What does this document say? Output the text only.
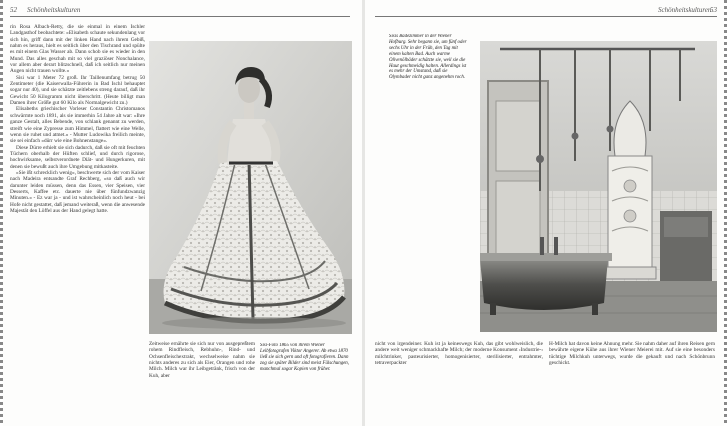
52 Schönheitskulturen

rin Rosa Albach-Retty, die sie einmal in einem Ischler Landgasthof beobachtete: »Elisabeth schaute sekundenlang vor sich hin, griff dann mit der linken Hand nach ihrem Gebiß, nahm es heraus, hielt es seitlich über den Tischrand und spülte es mit einem Glas Wasser ab. Dann schob sie es wieder in den Mund. Das alles geschah mit so viel graziöser Nonchalance, vor allem aber derart blitzschnell, daß ich seitlich nur meinen Augen nicht trauen wollte.«

Sisi war 1 Meter 72 groß. Ihr Taillenumfang betrug 50 Zentimeter (die Kaiserwalla-Führerin in Bad Ischl behauptet sogar nur 40), und sie schätzte zeitlebens streng darauf, daß ihr Gewicht 50 Kilogramm nicht überschritt. (Heute billigt man Damen ihrer Größe gut 60 Kilo als Normalgewicht zu.)

Elisabeths griechischer Vorleser Constantin Christomanos schwärmte noch 1891, als sie immerhin 54 Jahre alt war: »Ihre ganze Gestalt, alles Bebende, von schlank genannt zu werden, streift wie eine Zypresse zum Himmel, flattert wie eine Welle, wenn sie ruhet und atmet.« - Mutter Ludowika freilich meinte, sie sei einfach »dürr wie eine Bohnenstange«.

Diese Dürre erhielt sie sich dadurch, daß sie oft mit feuchten Tüchern oberhalb der Hüften schlief, und durch rigorose, hochwirksame, selbstverordnete Diät- und Hungerkuren, mit denen sie bewußt auch ihre Umgebung mitkasteite.

»Sie ißt schrecklich wenig«, beschwerte sich der vom Kaiser nach Madeira entsandte Graf Rechberg, »so daß auch wir darunter leiden müssen, denn das Essen, vier Speisen, vier Desserts, Kaffee etc. dauerte nie über fünfundzwanzig Minuten.« - Ez war ja - und ist wahrscheinlich noch heut - bei Hofe nicht gestattet, daß jemand weiteraß, wenn die anwesende Majestät den Löffel aus der Hand gelegt hatte.

Zeitweise ernährte sie sich nur von ausgepreßtem rohem Rindfleisch, Rebhuhn-, Rind- und Ochsenfleischextrakt, wechselweise nahm sie nichts anderes zu sich als Eier, Orangen und rohe Milch. Milch war ihr Leibgetränk, frisch von der Kuh, aber
Sisi-Foto 1865 von ihrem Wiener Leibfotografen Viktor Angerer. Ab etwa 1870 ließ sie sich gern und oft fotografieren. Dann zog sie später Bilder sind meist Fälschungen, manchmal sogar Kopien von früher.
Schönheitskulturen
53
Sisis Badezimmer in der Wiener Hofburg. Sehr begann sie, um fünf oder sechs Uhr in der Früh, den Tag mit einem kalten Bad. Auch warme Olivenölbäder schätzte sie, weil sie die Haut geschmeidig halten. Allerdings ist es mehr der Umstand, daß sie Olymbader nicht ganz angenehm roch.
nicht von irgendeiner. Kuh ist ja keineswegs Kuh, das gibt wohlweislich, die andere weit weniger schmackhafte Milch; der moderne Konsument ›Industrie-‹ milchtrinker, pasteurisierter, homogenisierter, sterilisierter, entrahmter, tetraverpackter
H-Milch hat davon keine Ahnung mehr. Sie nahm daher auf ihren Reisen gern bewährte eigene Kühe aus ihrer Wiener Meierei mit. Auf sie eine besonders tüchtige Milchkuh unterwegs, wurde die gekauft und nach Schönbrunn geschickt.
